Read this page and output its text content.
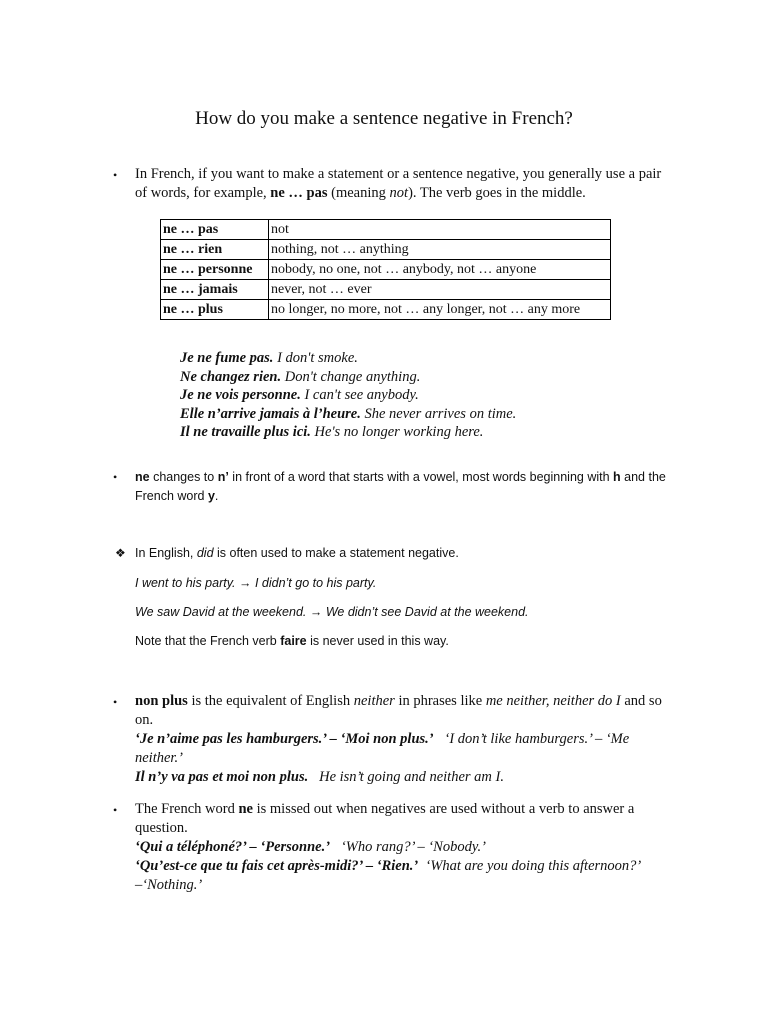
How do you make a sentence negative in French?
• In French, if you want to make a statement or a sentence negative, you generally use a pair of words, for example, ne … pas (meaning not). The verb goes in the middle.
ne … pas	not
ne … rien	nothing, not … anything
ne … personne	nobody, no one, not … anybody, not … anyone
ne … jamais	never, not … ever
ne … plus	no longer, no more, not … any longer, not … any more
Je ne fume pas. I don't smoke.
Ne changez rien. Don't change anything.
Je ne vois personne. I can't see anybody.
Elle n’arrive jamais à l’heure. She never arrives on time.
Il ne travaille plus ici. He's no longer working here.
• ne changes to n’ in front of a word that starts with a vowel, most words beginning with h and the French word y.
❖ In English, did is often used to make a statement negative.
I went to his party. → I didn’t go to his party.
We saw David at the weekend. → We didn’t see David at the weekend.
Note that the French verb faire is never used in this way.
• non plus is the equivalent of English neither in phrases like me neither, neither do I and so on.
‘Je n’aime pas les hamburgers.’ – ‘Moi non plus.’ ‘I don’t like hamburgers.’ – ‘Me neither.’
Il n’y va pas et moi non plus. He isn’t going and neither am I.
• The French word ne is missed out when negatives are used without a verb to answer a question.
‘Qui a téléphoné?’ – ‘Personne.’ ‘Who rang?’ – ‘Nobody.’
‘Qu’est-ce que tu fais cet après-midi?’ – ‘Rien.’ ‘What are you doing this afternoon?’ –‘Nothing.’
